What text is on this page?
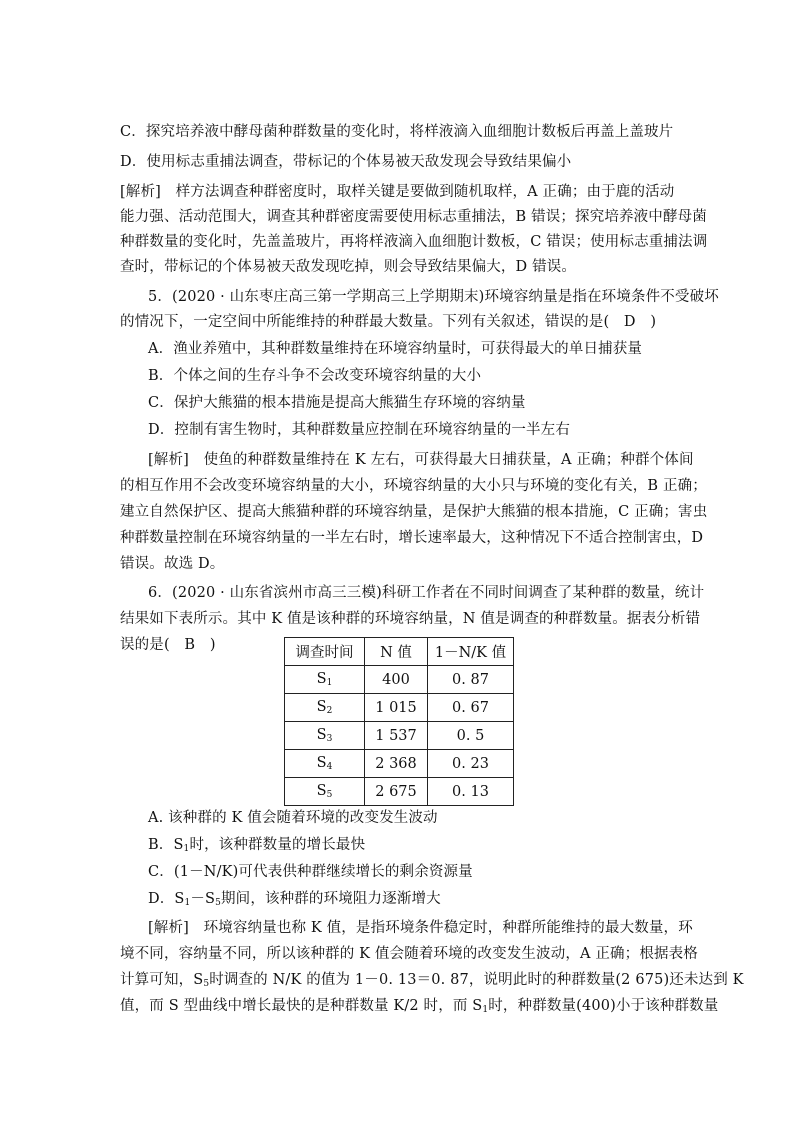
C．探究培养液中酵母菌种群数量的变化时，将样液滴入血细胞计数板后再盖上盖玻片
D．使用标志重捕法调查，带标记的个体易被天敌发现会导致结果偏小
[解析]　样方法调查种群密度时，取样关键是要做到随机取样，A 正确；由于鹿的活动
能力强、活动范围大，调查其种群密度需要使用标志重捕法，B 错误；探究培养液中酵母菌
种群数量的变化时，先盖盖玻片，再将样液滴入血细胞计数板，C 错误；使用标志重捕法调
查时，带标记的个体易被天敌发现吃掉，则会导致结果偏大，D 错误。
5．(2020 · 山东枣庄高三第一学期高三上学期期末)环境容纳量是指在环境条件不受破坏
的情况下，一定空间中所能维持的种群最大数量。下列有关叙述，错误的是(　D　)
A．渔业养殖中，其种群数量维持在环境容纳量时，可获得最大的单日捕获量
B．个体之间的生存斗争不会改变环境容纳量的大小
C．保护大熊猫的根本措施是提高大熊猫生存环境的容纳量
D．控制有害生物时，其种群数量应控制在环境容纳量的一半左右
[解析]　使鱼的种群数量维持在 K 左右，可获得最大日捕获量，A 正确；种群个体间
的相互作用不会改变环境容纳量的大小，环境容纳量的大小只与环境的变化有关，B 正确；
建立自然保护区、提高大熊猫种群的环境容纳量，是保护大熊猫的根本措施，C 正确；害虫
种群数量控制在环境容纳量的一半左右时，增长速率最大，这种情况下不适合控制害虫，D
错误。故选 D。
6．(2020 · 山东省滨州市高三三模)科研工作者在不同时间调查了某种群的数量，统计
结果如下表所示。其中 K 值是该种群的环境容纳量，N 值是调查的种群数量。据表分析错
误的是(　B　)	调查时间	N 值	1－N/K 值
$S_1$	400	0. 87
$S_2$	1 015	0. 67
$S_3$	1 537	0. 5
$S_4$	2 368	0. 23
$S_5$	2 675	0. 13
A. 该种群的 K 值会随着环境的改变发生波动
B．$S_1$时，该种群数量的增长最快
C．(1－N/K)可代表供种群继续增长的剩余资源量
D．$S_1-S_5$期间，该种群的环境阻力逐渐增大
[解析]　环境容纳量也称 K 值，是指环境条件稳定时，种群所能维持的最大数量，环
境不同，容纳量不同，所以该种群的 K 值会随着环境的改变发生波动，A 正确；根据表格
计算可知，$S_5$时调查的 N/K 的值为 1－0. 13＝0. 87，说明此时的种群数量(2 675)还未达到 K
值，而 S 型曲线中增长最快的是种群数量 K/2 时，而 $S_1$时，种群数量(400)小于该种群数量
